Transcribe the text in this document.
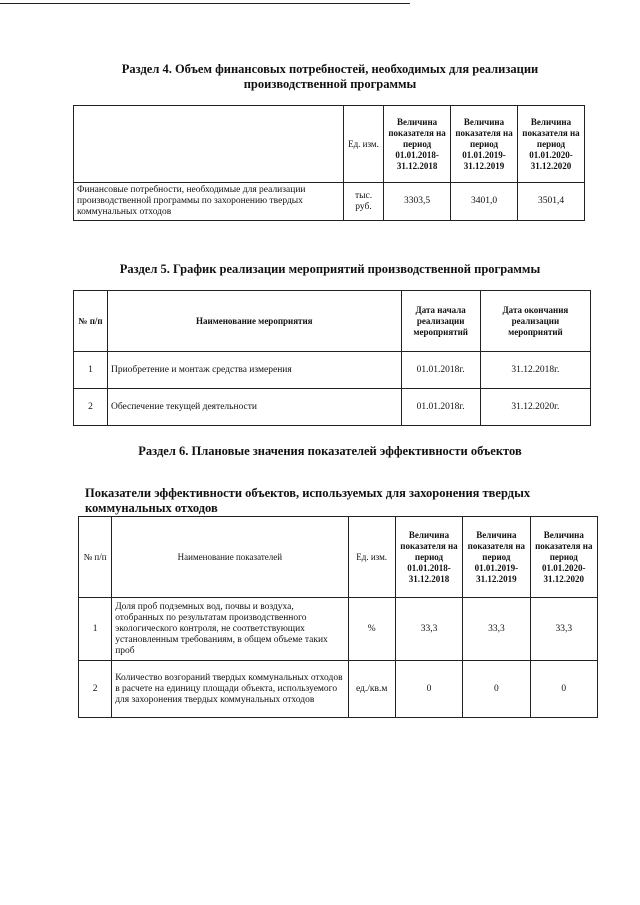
Раздел 4. Объем финансовых потребностей, необходимых для реализации
производственной программы
	Ед. изм.	Величина показателя на период 01.01.2018-31.12.2018	Величина показателя на период 01.01.2019-31.12.2019	Величина показателя на период 01.01.2020-31.12.2020
Финансовые потребности, необходимые для реализации производственной программы по захоронению твердых коммунальных отходов	тыс. руб.	3303,5	3401,0	3501,4
Раздел 5. График реализации мероприятий производственной программы
№ п/п	Наименование мероприятия	Дата начала реализации мероприятий	Дата окончания реализации мероприятий
1	Приобретение и монтаж средства измерения	01.01.2018г.	31.12.2018г.
2	Обеспечение текущей деятельности	01.01.2018г.	31.12.2020г.
Раздел 6. Плановые значения показателей эффективности объектов
Показатели эффективности объектов, используемых для захоронения твердых
коммунальных отходов
№ п/п	Наименование показателей	Ед. изм.	Величина показателя на период 01.01.2018-31.12.2018	Величина показателя на период 01.01.2019-31.12.2019	Величина показателя на период 01.01.2020-31.12.2020
1	Доля проб подземных вод, почвы и воздуха, отобранных по результатам производственного экологического контроля, не соответствующих установленным требованиям, в общем объеме таких проб	%	33,3	33,3	33,3
2	Количество возгораний твердых коммунальных отходов в расчете на единицу площади объекта, используемого для захоронения твердых коммунальных отходов	ед./кв.м	0	0	0
